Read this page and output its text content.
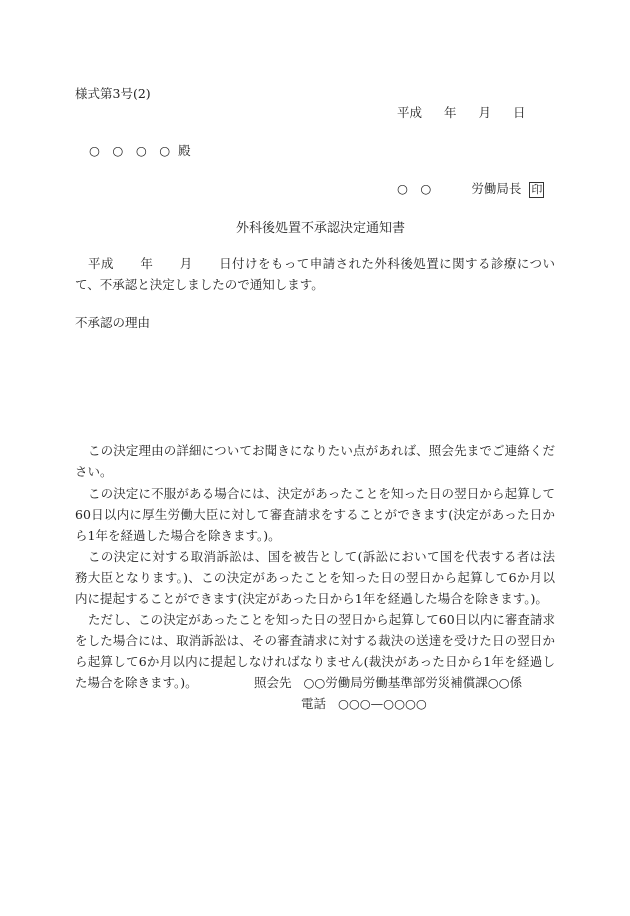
様式第3号(2)
平成 年 月 日
○　○　○　○ 殿
○　○	労働局長 印
外科後処置不承認決定通知書
平成 年 月 日付けをもって申請された外科後処置に関する診療について、不承認と決定しましたので通知します。
不承認の理由
この決定理由の詳細についてお聞きになりたい点があれば、照会先までご連絡ください。
この決定に不服がある場合には、決定があったことを知った日の翌日から起算して60日以内に厚生労働大臣に対して審査請求をすることができます(決定があった日から1年を経過した場合を除きます。)。
この決定に対する取消訴訟は、国を被告として(訴訟において国を代表する者は法務大臣となります。)、この決定があったことを知った日の翌日から起算して6か月以内に提起することができます(決定があった日から1年を経過した場合を除きます。)。
ただし、この決定があったことを知った日の翌日から起算して60日以内に審査請求をした場合には、取消訴訟は、その審査請求に対する裁決の送達を受けた日の翌日から起算して6か月以内に提起しなければなりません(裁決があった日から1年を経過した場合を除きます。)。	照会先 ○○労働局労働基準部労災補償課○○係
電話 ○○○—○○○○
